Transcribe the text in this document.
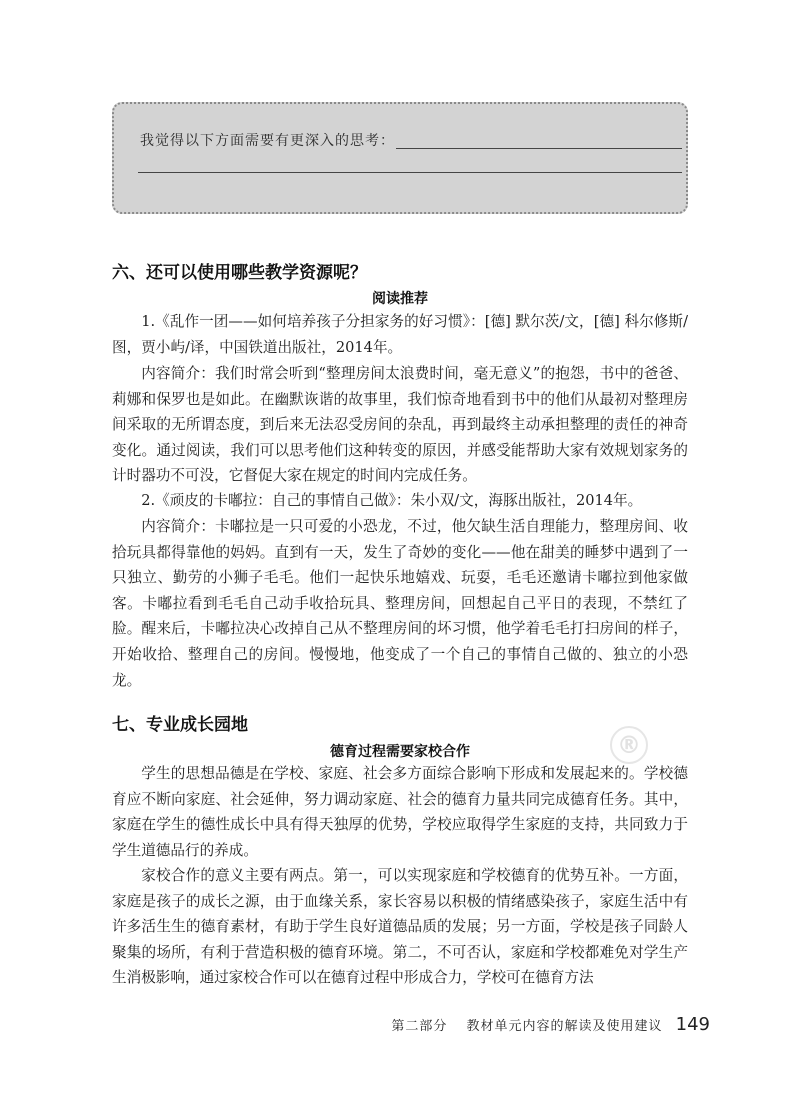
我觉得以下方面需要有更深入的思考：
六、还可以使用哪些教学资源呢？
阅读推荐

1.《乱作一团——如何培养孩子分担家务的好习惯》：[德] 默尔茨/文，[德] 科尔修斯/图，贾小屿/译，中国铁道出版社，2014年。

内容简介：我们时常会听到“整理房间太浪费时间，毫无意义”的抱怨，书中的爸爸、莉娜和保罗也是如此。在幽默诙谐的故事里，我们惊奇地看到书中的他们从最初对整理房间采取的无所谓态度，到后来无法忍受房间的杂乱，再到最终主动承担整理的责任的神奇变化。通过阅读，我们可以思考他们这种转变的原因，并感受能帮助大家有效规划家务的计时器功不可没，它督促大家在规定的时间内完成任务。

2.《顽皮的卡嘟拉：自己的事情自己做》：朱小双/文，海豚出版社，2014年。

内容简介：卡嘟拉是一只可爱的小恐龙，不过，他欠缺生活自理能力，整理房间、收拾玩具都得靠他的妈妈。直到有一天，发生了奇妙的变化——他在甜美的睡梦中遇到了一只独立、勤劳的小狮子毛毛。他们一起快乐地嬉戏、玩耍，毛毛还邀请卡嘟拉到他家做客。卡嘟拉看到毛毛自己动手收拾玩具、整理房间，回想起自己平日的表现，不禁红了脸。醒来后，卡嘟拉决心改掉自己从不整理房间的坏习惯，他学着毛毛打扫房间的样子，开始收拾、整理自己的房间。慢慢地，他变成了一个自己的事情自己做的、独立的小恐龙。

七、专业成长园地
德育过程需要家校合作	®

学生的思想品德是在学校、家庭、社会多方面综合影响下形成和发展起来的。学校德育应不断向家庭、社会延伸，努力调动家庭、社会的德育力量共同完成德育任务。其中，家庭在学生的德性成长中具有得天独厚的优势，学校应取得学生家庭的支持，共同致力于学生道德品行的养成。

家校合作的意义主要有两点。第一，可以实现家庭和学校德育的优势互补。一方面，家庭是孩子的成长之源，由于血缘关系，家长容易以积极的情绪感染孩子，家庭生活中有许多活生生的德育素材，有助于学生良好道德品质的发展；另一方面，学校是孩子同龄人聚集的场所，有利于营造积极的德育环境。第二，不可否认，家庭和学校都难免对学生产生消极影响，通过家校合作可以在德育过程中形成合力，学校可在德育方法

第二部分 教材单元内容的解读及使用建议 149
